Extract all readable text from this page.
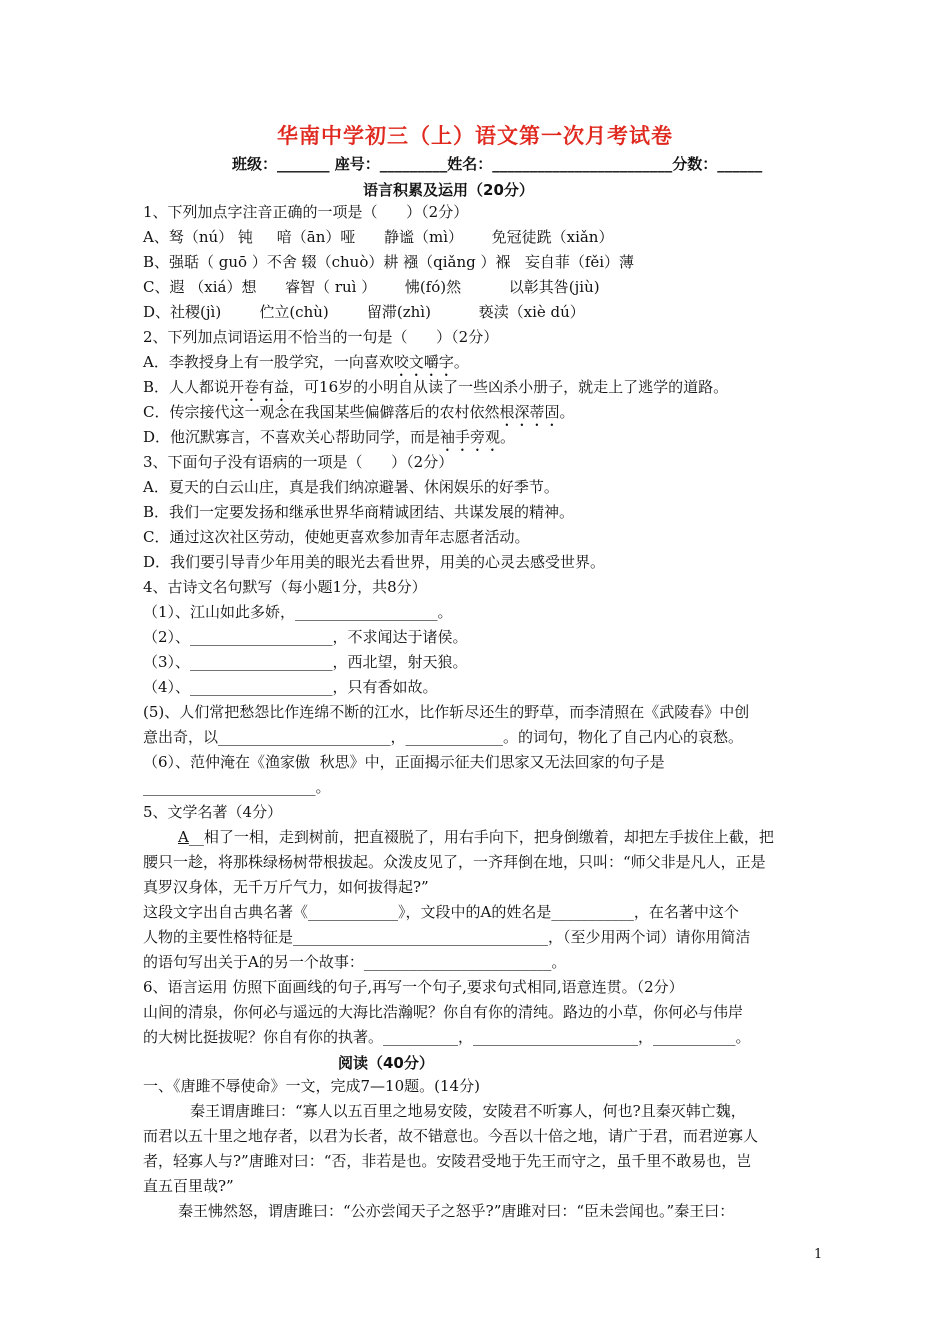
华南中学初三（上）语文第一次月考试卷
班级：_______ 座号：_________姓名：________________________分数：______
语言积累及运用（20分）
1、下列加点字注音正确的一项是（      ）（2分）
A、驽（nú） 钝     喑（ān）哑      静谧（mì）      免冠徒跣（xiǎn）
B、强聒（ guō ）不舍 辍（chuò）耕 襁（qiǎng ）褓   妄自菲（fěi）薄
C、遐 （xiá）想      睿智（ ruì ）      怫(fó)然          以彰其咎(jiù)
D、社稷(jì)        伫立(chù)        留滞(zhì)          亵渎（xiè dú）
2、下列加点词语运用不恰当的一句是（      ）（2分）
A．李教授身上有一股学究，一向喜欢咬文嚼字。
B．人人都说开卷有益，可16岁的小明自从读了一些凶杀小册子，就走上了逃学的道路。
C．传宗接代这一观念在我国某些偏僻落后的农村依然根深蒂固。
D．他沉默寡言，不喜欢关心帮助同学，而是袖手旁观。
3、下面句子没有语病的一项是（      ）（2分）
A．夏天的白云山庄，真是我们纳凉避暑、休闲娱乐的好季节。
B．我们一定要发扬和继承世界华商精诚团结、共谋发展的精神。
C．通过这次社区劳动，使她更喜欢参加青年志愿者活动。
D．我们要引导青少年用美的眼光去看世界，用美的心灵去感受世界。
4、古诗文名句默写（每小题1分，共8分）
（1）、江山如此多娇，___________________。
（2）、___________________，不求闻达于诸侯。
（3）、___________________，西北望，射天狼。
（4）、___________________，只有香如故。
(5)、人们常把愁怨比作连绵不断的江水，比作斩尽还生的野草，而李清照在《武陵春》中创
意出奇，以_______________________，_____________。的词句，物化了自己内心的哀愁。
（6）、范仲淹在《渔家傲  秋思》中，正面揭示征夫们思家又无法回家的句子是
_______________________。
5、文学名著（4分）
A__相了一相，走到树前，把直裰脱了，用右手向下，把身倒缴着，却把左手拔住上截，把
腰只一趁，将那株绿杨树带根拔起。众泼皮见了，一齐拜倒在地，只叫：“师父非是凡人，正是
真罗汉身体，无千万斤气力，如何拔得起?”
这段文字出自古典名著《____________》，文段中的A的姓名是___________，在名著中这个
人物的主要性格特征是__________________________________，（至少用两个词）请你用简洁
的语句写出关于A的另一个故事：_________________________。
6、语言运用 仿照下面画线的句子,再写一个句子,要求句式相同,语意连贯。（2分）
山间的清泉，你何必与遥远的大海比浩瀚呢？你自有你的清纯。路边的小草，你何必与伟岸
的大树比挺拔呢？你自有你的执著。__________，______________________，___________。
阅读（40分）
一、《唐雎不辱使命》一文，完成7—10题。(14分)
秦王谓唐雎曰：“寡人以五百里之地易安陵，安陵君不听寡人，何也?且秦灭韩亡魏，
而君以五十里之地存者，以君为长者，故不错意也。今吾以十倍之地，请广于君，而君逆寡人
者，轻寡人与?”唐雎对曰：“否，非若是也。安陵君受地于先王而守之，虽千里不敢易也，岂
直五百里哉?”
秦王怫然怒，谓唐雎曰：“公亦尝闻天子之怒乎?”唐雎对曰：“臣未尝闻也。”秦王曰：
1
